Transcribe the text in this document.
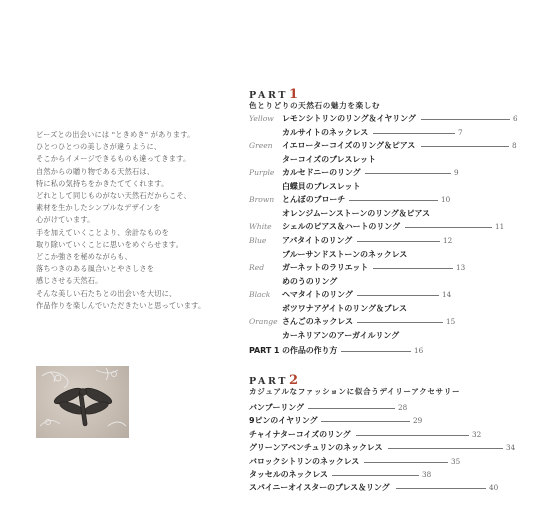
ビーズとの出会いには "ときめき" があります。
ひとつひとつの美しさが違うように、
そこからイメージできるものも違ってきます。
自然からの贈り物である天然石は、
特に私の気持ちをかきたててくれます。
どれとして同じものがない天然石だからこそ、
素材を生かしたシンプルなデザインを
心がけています。
手を加えていくことより、余計なものを
取り除いていくことに思いをめぐらせます。
どこか強さを秘めながらも、
落ちつきのある風合いとやさしさを
感じさせる天然石。
そんな美しい石たちとの出会いを大切に、
作品作りを楽しんでいただきたいと思っています。
PART1
色とりどりの天然石の魅力を楽しむ
Yellow レモンシトリンのリング＆イヤリング	6
カルサイトのネックレス	7
Green イエローターコイズのリング＆ピアス	8
ターコイズのブレスレット
Purple カルセドニーのリング	9
白蝶貝のブレスレット
Brown とんぼのブローチ	10
オレンジムーンストーンのリング＆ピアス
White シェルのピアス＆ハートのリング	11
Blue アパタイトのリング	12
ブルーサンドストーンのネックレス
Red ガーネットのラリエット	13
めのうのリング
Black ヘマタイトのリング	14
ボツワナアゲイトのリング＆ブレス
Orange さんごのネックレス	15
カーネリアンのアーガイルリング
PART 1 の作品の作り方	16
PART2
カジュアルなファッションに似合うデイリーアクセサリー
バンブーリング	28
9ピンのイヤリング	29
チャイナターコイズのリング	32
グリーンアベンチュリンのネックレス	34
バロックシトリンのネックレス	35
タッセルのネックレス	38
スパイニーオイスターのブレス＆リング	40
